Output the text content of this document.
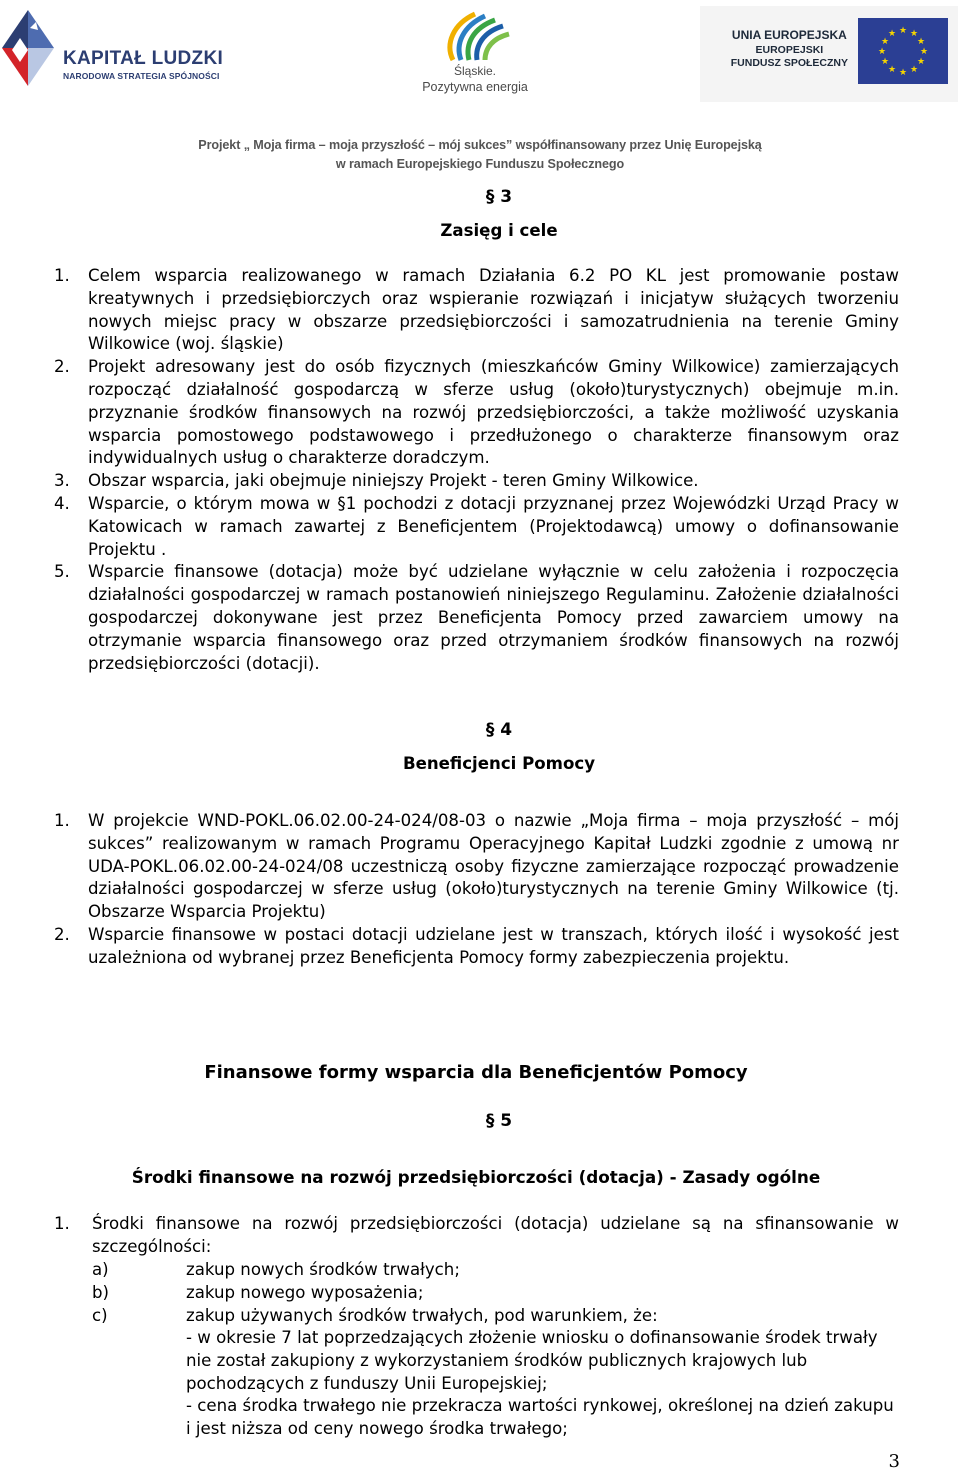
KAPITAŁ LUDZKI
NARODOWA STRATEGIA SPÓJNOŚCI	Śląskie.
Pozytywna energia
UNIA EUROPEJSKA
EUROPEJSKI
FUNDUSZ SPOŁECZNY
★ ★
★
★
★
★
★
★
★
★
★
★
Projekt „ Moja firma – moja przyszłość – mój sukces” współfinansowany przez Unię Europejską
w ramach Europejskiego Funduszu Społecznego
§ 3
Zasięg i cele
1.	Celem wsparcia realizowanego w ramach Działania 6.2 PO KL jest promowanie postaw kreatywnych i przedsiębiorczych oraz wspieranie rozwiązań i inicjatyw służących tworzeniu nowych miejsc pracy w obszarze przedsiębiorczości i samozatrudnienia na terenie Gminy Wilkowice (woj. śląskie)
2.	Projekt adresowany jest do osób fizycznych (mieszkańców Gminy Wilkowice) zamierzających rozpocząć działalność gospodarczą w sferze usług (około)turystycznych) obejmuje m.in. przyznanie środków finansowych na rozwój przedsiębiorczości, a także możliwość uzyskania wsparcia pomostowego podstawowego i przedłużonego o charakterze finansowym oraz indywidualnych usług o charakterze doradczym.
3.	Obszar wsparcia, jaki obejmuje niniejszy Projekt - teren Gminy Wilkowice.
4.	Wsparcie, o którym mowa w §1 pochodzi z dotacji przyznanej przez Wojewódzki Urząd Pracy w Katowicach w ramach zawartej z Beneficjentem (Projektodawcą) umowy o dofinansowanie Projektu .
5.	Wsparcie finansowe (dotacja) może być udzielane wyłącznie w celu założenia i rozpoczęcia działalności gospodarczej w ramach postanowień niniejszego Regulaminu. Założenie działalności gospodarczej dokonywane jest przez Beneficjenta Pomocy przed zawarciem umowy na otrzymanie wsparcia finansowego oraz przed otrzymaniem środków finansowych na rozwój przedsiębiorczości (dotacji).
§ 4
Beneficjenci Pomocy
1.	W projekcie WND-POKL.06.02.00-24-024/08-03 o nazwie „Moja firma – moja przyszłość – mój sukces” realizowanym w ramach Programu Operacyjnego Kapitał Ludzki zgodnie z umową nr UDA-POKL.06.02.00-24-024/08 uczestniczą osoby fizyczne zamierzające rozpocząć prowadzenie działalności gospodarczej w sferze usług (około)turystycznych na terenie Gminy Wilkowice (tj. Obszarze Wsparcia Projektu)
2.	Wsparcie finansowe w postaci dotacji udzielane jest w transzach, których ilość i wysokość jest uzależniona od wybranej przez Beneficjenta Pomocy formy zabezpieczenia projektu.
Finansowe formy wsparcia dla Beneficjentów Pomocy
§ 5
Środki finansowe na rozwój przedsiębiorczości (dotacja) - Zasady ogólne
1.	Środki finansowe na rozwój przedsiębiorczości (dotacja) udzielane są na sfinansowanie w szczególności:
a)	zakup nowych środków trwałych;
b)	zakup nowego wyposażenia;
c)	zakup używanych środków trwałych, pod warunkiem, że:
- w okresie 7 lat poprzedzających złożenie wniosku o dofinansowanie środek trwały nie został zakupiony z wykorzystaniem środków publicznych krajowych lub pochodzących z funduszy Unii Europejskiej;
- cena środka trwałego nie przekracza wartości rynkowej, określonej na dzień zakupu i jest niższa od ceny nowego środka trwałego;
3
